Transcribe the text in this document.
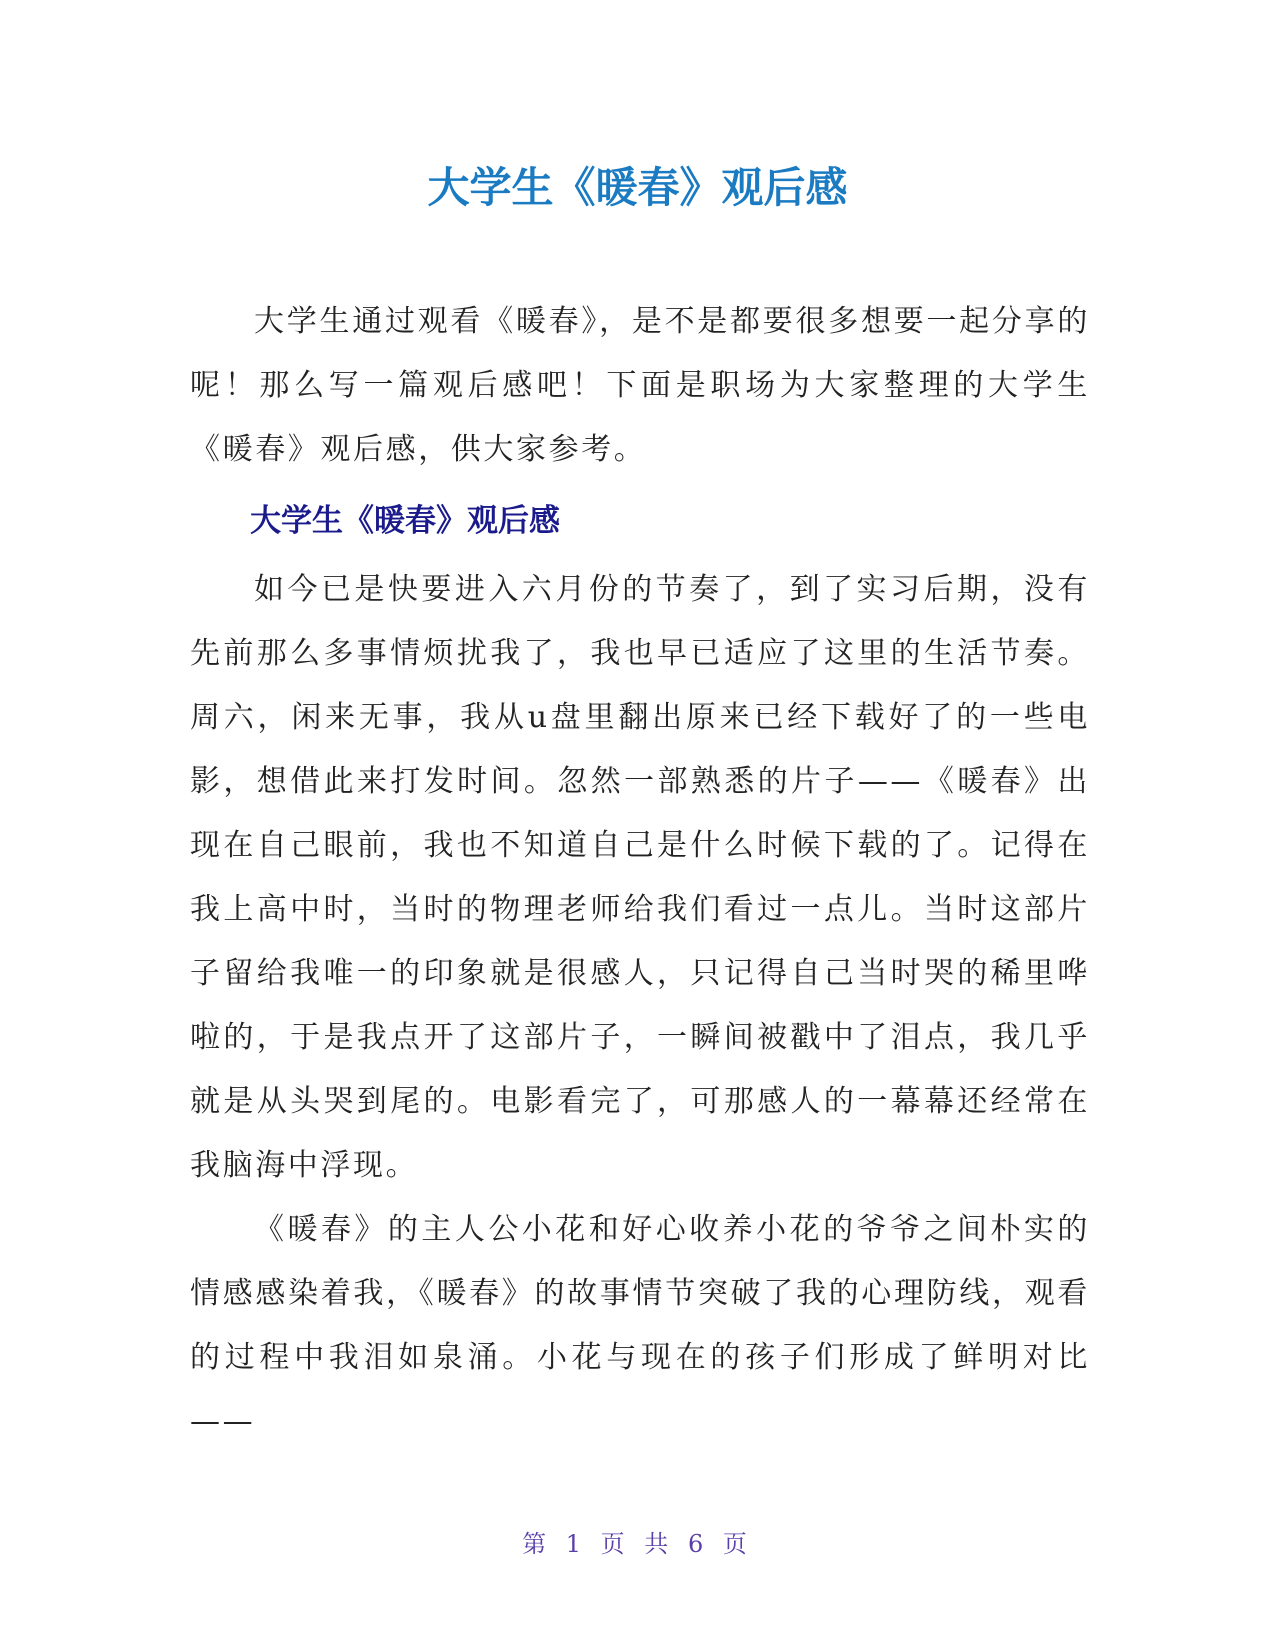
大学生《暖春》观后感

大学生通过观看《暖春》，是不是都要很多想要一起分享的呢！那么写一篇观后感吧！下面是职场为大家整理的大学生《暖春》观后感，供大家参考。

大学生《暖春》观后感

如今已是快要进入六月份的节奏了，到了实习后期，没有先前那么多事情烦扰我了，我也早已适应了这里的生活节奏。周六，闲来无事，我从u盘里翻出原来已经下载好了的一些电影，想借此来打发时间。忽然一部熟悉的片子——《暖春》出现在自己眼前，我也不知道自己是什么时候下载的了。记得在我上高中时，当时的物理老师给我们看过一点儿。当时这部片子留给我唯一的印象就是很感人，只记得自己当时哭的稀里哗啦的，于是我点开了这部片子，一瞬间被戳中了泪点，我几乎就是从头哭到尾的。电影看完了，可那感人的一幕幕还经常在我脑海中浮现。

《暖春》的主人公小花和好心收养小花的爷爷之间朴实的情感感染着我，《暖春》的故事情节突破了我的心理防线，观看的过程中我泪如泉涌。小花与现在的孩子们形成了鲜明对比——

第 1 页 共 6 页
